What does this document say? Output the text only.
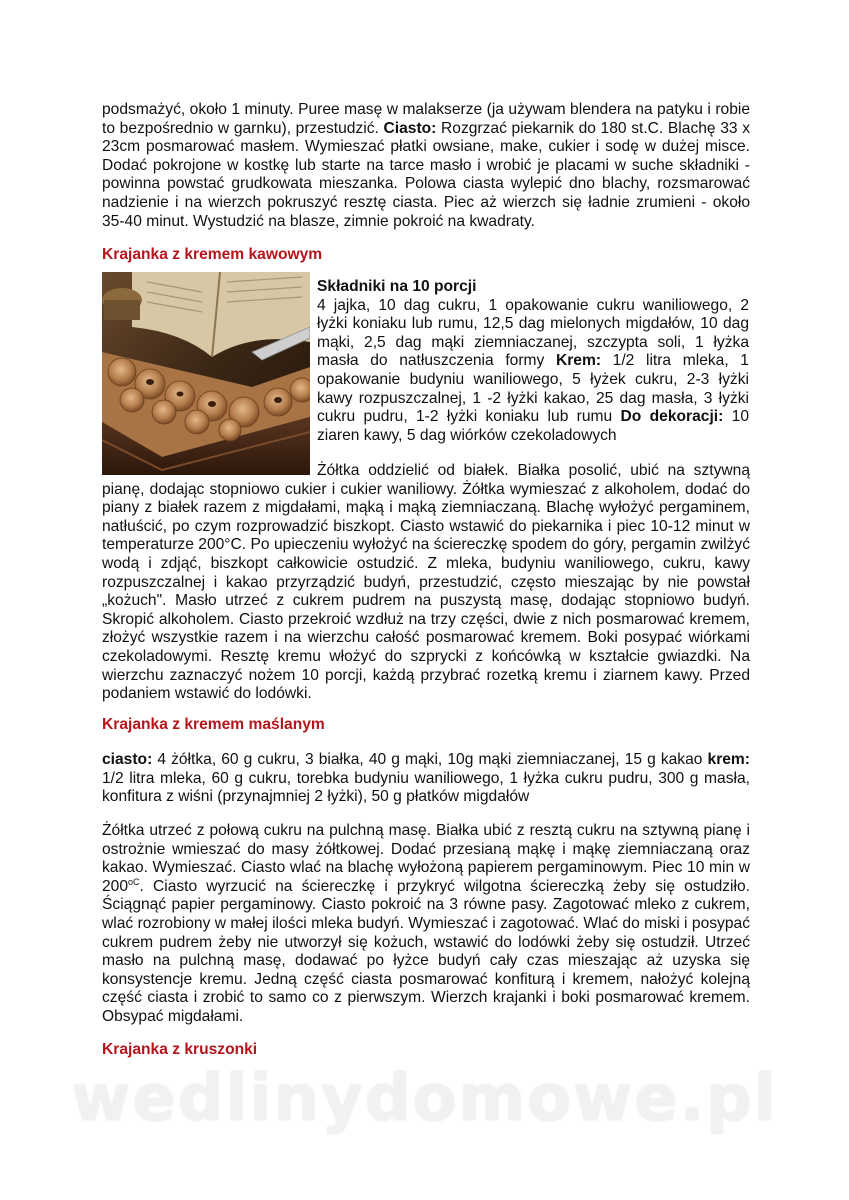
podsmażyć, około 1 minuty. Puree masę w malakserze (ja używam blendera na patyku i robie to bezpośrednio w garnku), przestudzić. Ciasto: Rozgrzać piekarnik do 180 st.C. Blachę 33 x 23cm posmarować masłem. Wymieszać płatki owsiane, make, cukier i sodę w dużej misce. Dodać pokrojone w kostkę lub starte na tarce masło i wrobić je placami w suche składniki - powinna powstać grudkowata mieszanka. Polowa ciasta wylepić dno blachy, rozsmarować nadzienie i na wierzch pokruszyć resztę ciasta. Piec aż wierzch się ładnie zrumieni - około 35-40 minut. Wystudzić na blasze, zimnie pokroić na kwadraty.

Krajanka z kremem kawowym

Składniki na 10 porcji

4 jajka, 10 dag cukru, 1 opakowanie cukru waniliowego, 2 łyżki koniaku lub rumu, 12,5 dag mielonych migdałów, 10 dag mąki, 2,5 dag mąki ziemniaczanej, szczypta soli, 1 łyżka masła do natłuszczenia formy Krem: 1/2 litra mleka, 1 opakowanie budyniu waniliowego, 5 łyżek cukru, 2-3 łyżki kawy rozpuszczalnej, 1 -2 łyżki kakao, 25 dag masła, 3 łyżki cukru pudru, 1-2 łyżki koniaku lub rumu Do dekoracji: 10 ziaren kawy, 5 dag wiórków czekoladowych

Żółtka oddzielić od białek. Białka posolić, ubić na sztywną pianę, dodając stopniowo cukier i cukier waniliowy. Żółtka wymieszać z alkoholem, dodać do piany z białek razem z migdałami, mąką i mąką ziemniaczaną. Blachę wyłożyć pergaminem, natłuścić, po czym rozprowadzić biszkopt. Ciasto wstawić do piekarnika i piec 10-12 minut w temperaturze 200°C. Po upieczeniu wyłożyć na ściereczkę spodem do góry, pergamin zwilżyć wodą i zdjąć, biszkopt całkowicie ostudzić. Z mleka, budyniu waniliowego, cukru, kawy rozpuszczalnej i kakao przyrządzić budyń, przestudzić, często mieszając by nie powstał „kożuch". Masło utrzeć z cukrem pudrem na puszystą masę, dodając stopniowo budyń. Skropić alkoholem. Ciasto przekroić wzdłuż na trzy części, dwie z nich posmarować kremem, złożyć wszystkie razem i na wierzchu całość posmarować kremem. Boki posypać wiórkami czekoladowymi. Resztę kremu włożyć do szprycki z końcówką w kształcie gwiazdki. Na wierzchu zaznaczyć nożem 10 porcji, każdą przybrać rozetką kremu i ziarnem kawy. Przed podaniem wstawić do lodówki.

Krajanka z kremem maślanym

ciasto: 4 żółtka, 60 g cukru, 3 białka, 40 g mąki, 10g mąki ziemniaczanej, 15 g kakao krem: 1/2 litra mleka, 60 g cukru, torebka budyniu waniliowego, 1 łyżka cukru pudru, 300 g masła, konfitura z wiśni (przynajmniej 2 łyżki), 50 g płatków migdałów

Żółtka utrzeć z połową cukru na pulchną masę. Białka ubić z resztą cukru na sztywną pianę i ostrożnie wmieszać do masy żółtkowej. Dodać przesianą mąkę i mąkę ziemniaczaną oraz kakao. Wymieszać. Ciasto wlać na blachę wyłożoną papierem pergaminowym. Piec 10 min w $200^{oC}$. Ciasto wyrzucić na ściereczkę i przykryć wilgotna ściereczką żeby się ostudziło. Ściągnąć papier pergaminowy. Ciasto pokroić na 3 równe pasy. Zagotować mleko z cukrem, wlać rozrobiony w małej ilości mleka budyń. Wymieszać i zagotować. Wlać do miski i posypać cukrem pudrem żeby nie utworzył się kożuch, wstawić do lodówki żeby się ostudził. Utrzeć masło na pulchną masę, dodawać po łyżce budyń cały czas mieszając aż uzyska się konsystencje kremu. Jedną część ciasta posmarować konfiturą i kremem, nałożyć kolejną część ciasta i zrobić to samo co z pierwszym. Wierzch krajanki i boki posmarować kremem. Obsypać migdałami.

Krajanka z kruszonki
wedlinydomowe.pl
